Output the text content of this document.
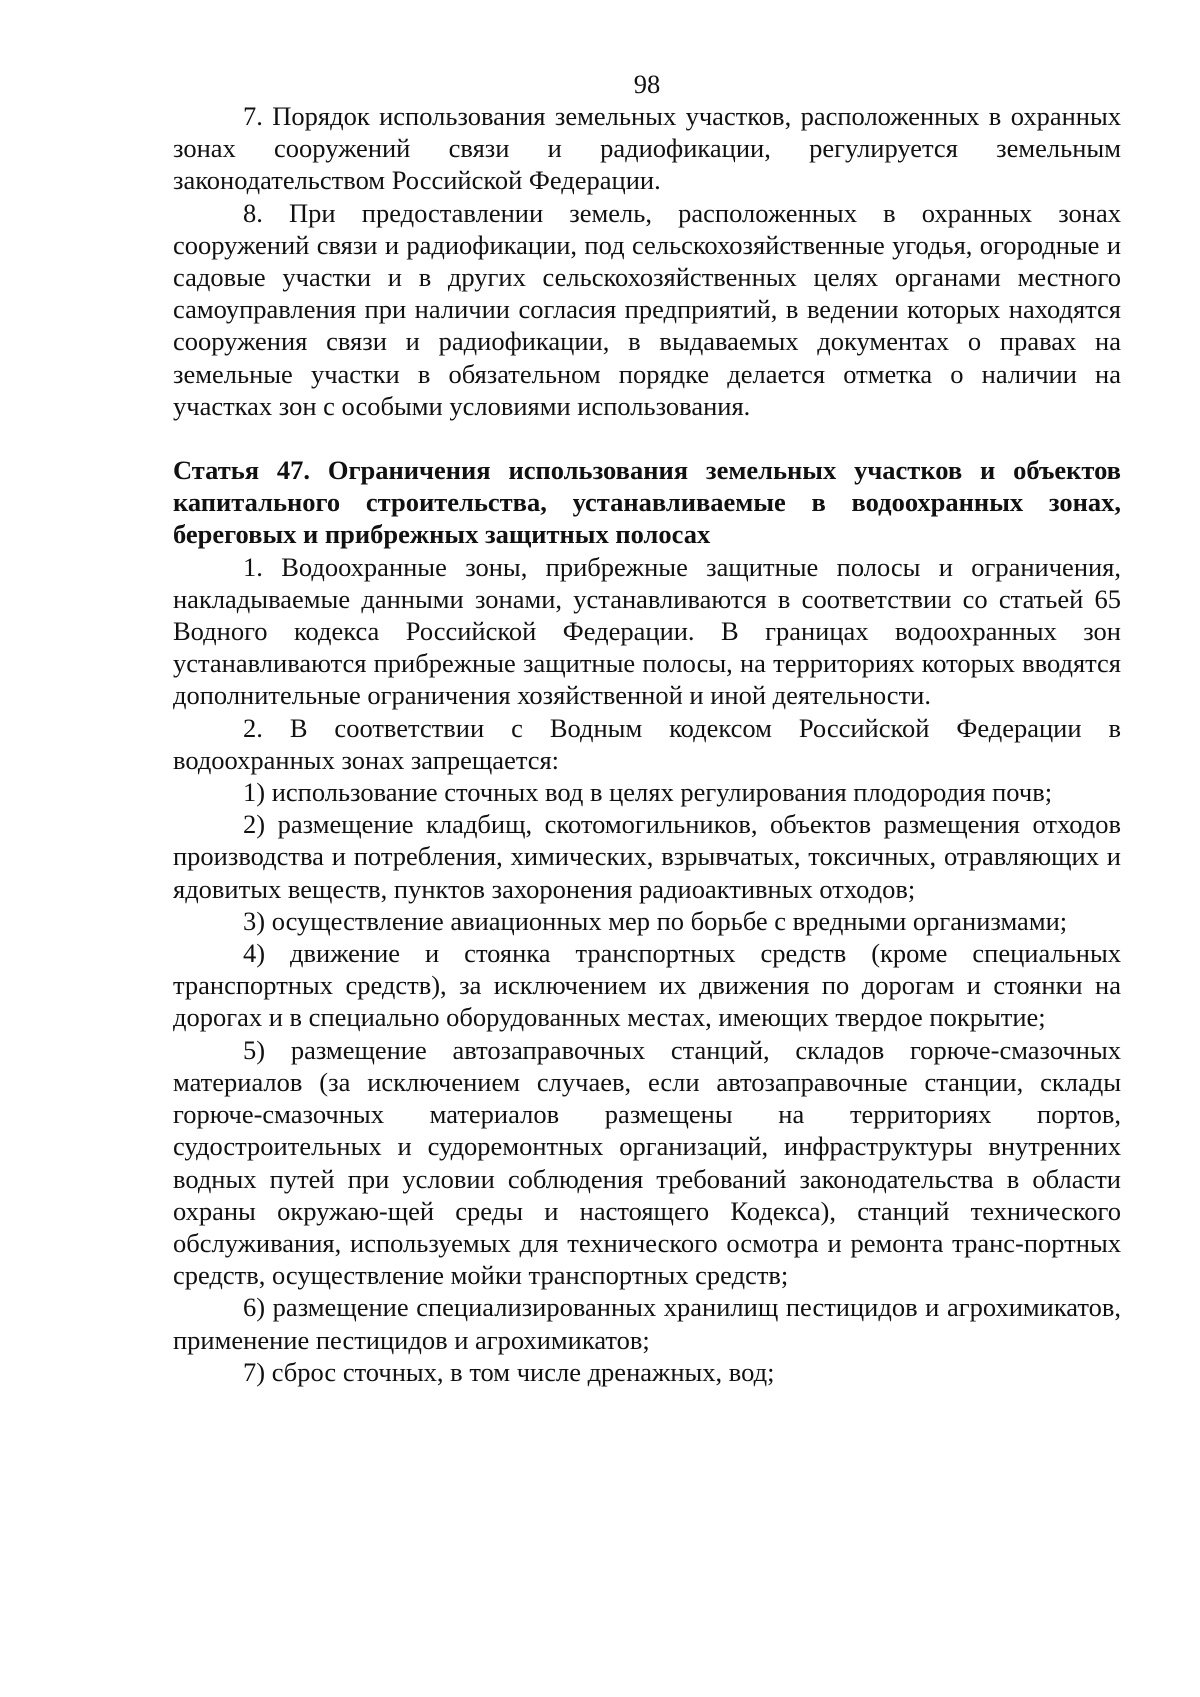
98

7. Порядок использования земельных участков, расположенных в охранных зонах сооружений связи и радиофикации, регулируется земельным законодательством Российской Федерации.

8. При предоставлении земель, расположенных в охранных зонах сооружений связи и радиофикации, под сельскохозяйственные угодья, огородные и садовые участки и в других сельскохозяйственных целях органами местного самоуправления при наличии согласия предприятий, в ведении которых находятся сооружения связи и радиофикации, в выдаваемых документах о правах на земельные участки в обязательном порядке делается отметка о наличии на участках зон с особыми условиями использования.

Статья 47. Ограничения использования земельных участков и объектов капитального строительства, устанавливаемые в водоохранных зонах, береговых и прибрежных защитных полосах

1. Водоохранные зоны, прибрежные защитные полосы и ограничения, накладываемые данными зонами, устанавливаются в соответствии со статьей 65 Водного кодекса Российской Федерации. В границах водоохранных зон устанавливаются прибрежные защитные полосы, на территориях которых вводятся дополнительные ограничения хозяйственной и иной деятельности.

2. В соответствии с Водным кодексом Российской Федерации в водоохранных зонах запрещается:

1) использование сточных вод в целях регулирования плодородия почв;

2) размещение кладбищ, скотомогильников, объектов размещения отходов производства и потребления, химических, взрывчатых, токсичных, отравляющих и ядовитых веществ, пунктов захоронения радиоактивных отходов;

3) осуществление авиационных мер по борьбе с вредными организмами;

4) движение и стоянка транспортных средств (кроме специальных транспортных средств), за исключением их движения по дорогам и стоянки на дорогах и в специально оборудованных местах, имеющих твердое покрытие;

5) размещение автозаправочных станций, складов горюче-смазочных материалов (за исключением случаев, если автозаправочные станции, склады горюче-смазочных материалов размещены на территориях портов, судостроительных и судоремонтных организаций, инфраструктуры внутренних водных путей при условии соблюдения требований законодательства в области охраны окружаю-щей среды и настоящего Кодекса), станций технического обслуживания, используемых для технического осмотра и ремонта транс-портных средств, осуществление мойки транспортных средств;

6) размещение специализированных хранилищ пестицидов и агрохимикатов, применение пестицидов и агрохимикатов;

7) сброс сточных, в том числе дренажных, вод;
